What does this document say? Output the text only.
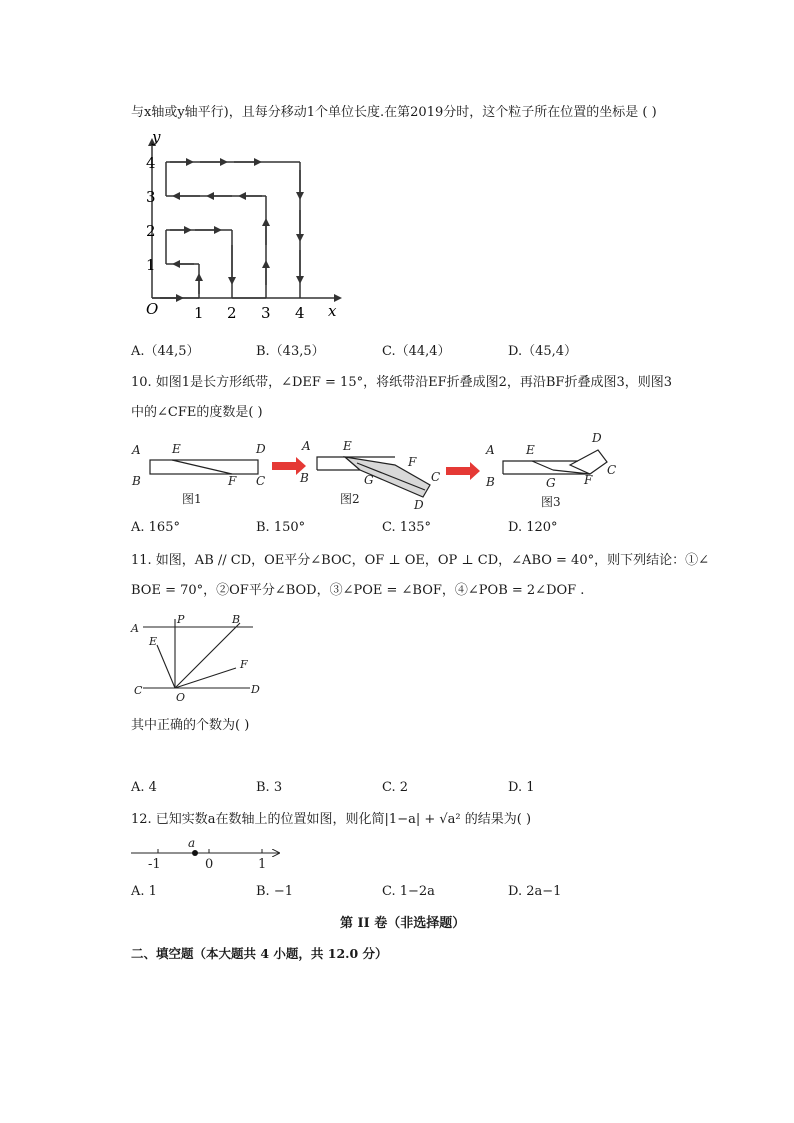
与x轴或y轴平行)，且每分移动1个单位长度.在第2019分时，这个粒子所在位置的坐标是 ( )
y
x
O 1 2 3 4
1
2
3
4
A.（44,5）	B.（43,5）	C.（44,4）	D.（45,4）
10. 如图1是长方形纸带，∠DEF = 15°，将纸带沿EF折叠成图2，再沿BF折叠成图3，则图3
中的∠CFE的度数是( )
A
B
E	D
F C
A
B
E
F
G	C
D
A
B
E
G F
D
C
图1	图2	图3
A. 165°	B. 150°	C. 135°	D. 120°
11. 如图，AB // CD，OE平分∠BOC，OF ⊥ OE，OP ⊥ CD，∠ABO = 40°，则下列结论：①∠
BOE = 70°，②OF平分∠BOD，③∠POE = ∠BOF，④∠POB = 2∠DOF .
A
P	B
E
F
C
O
D
其中正确的个数为( )
A. 4	B. 3	C. 2	D. 1
12. 已知实数a在数轴上的位置如图，则化简|1−a| + √a² 的结果为( )
a
-1	0	1
A. 1	B. −1	C. 1−2a	D. 2a−1
第 II 卷（非选择题）
二、填空题（本大题共 4 小题，共 12.0 分）
